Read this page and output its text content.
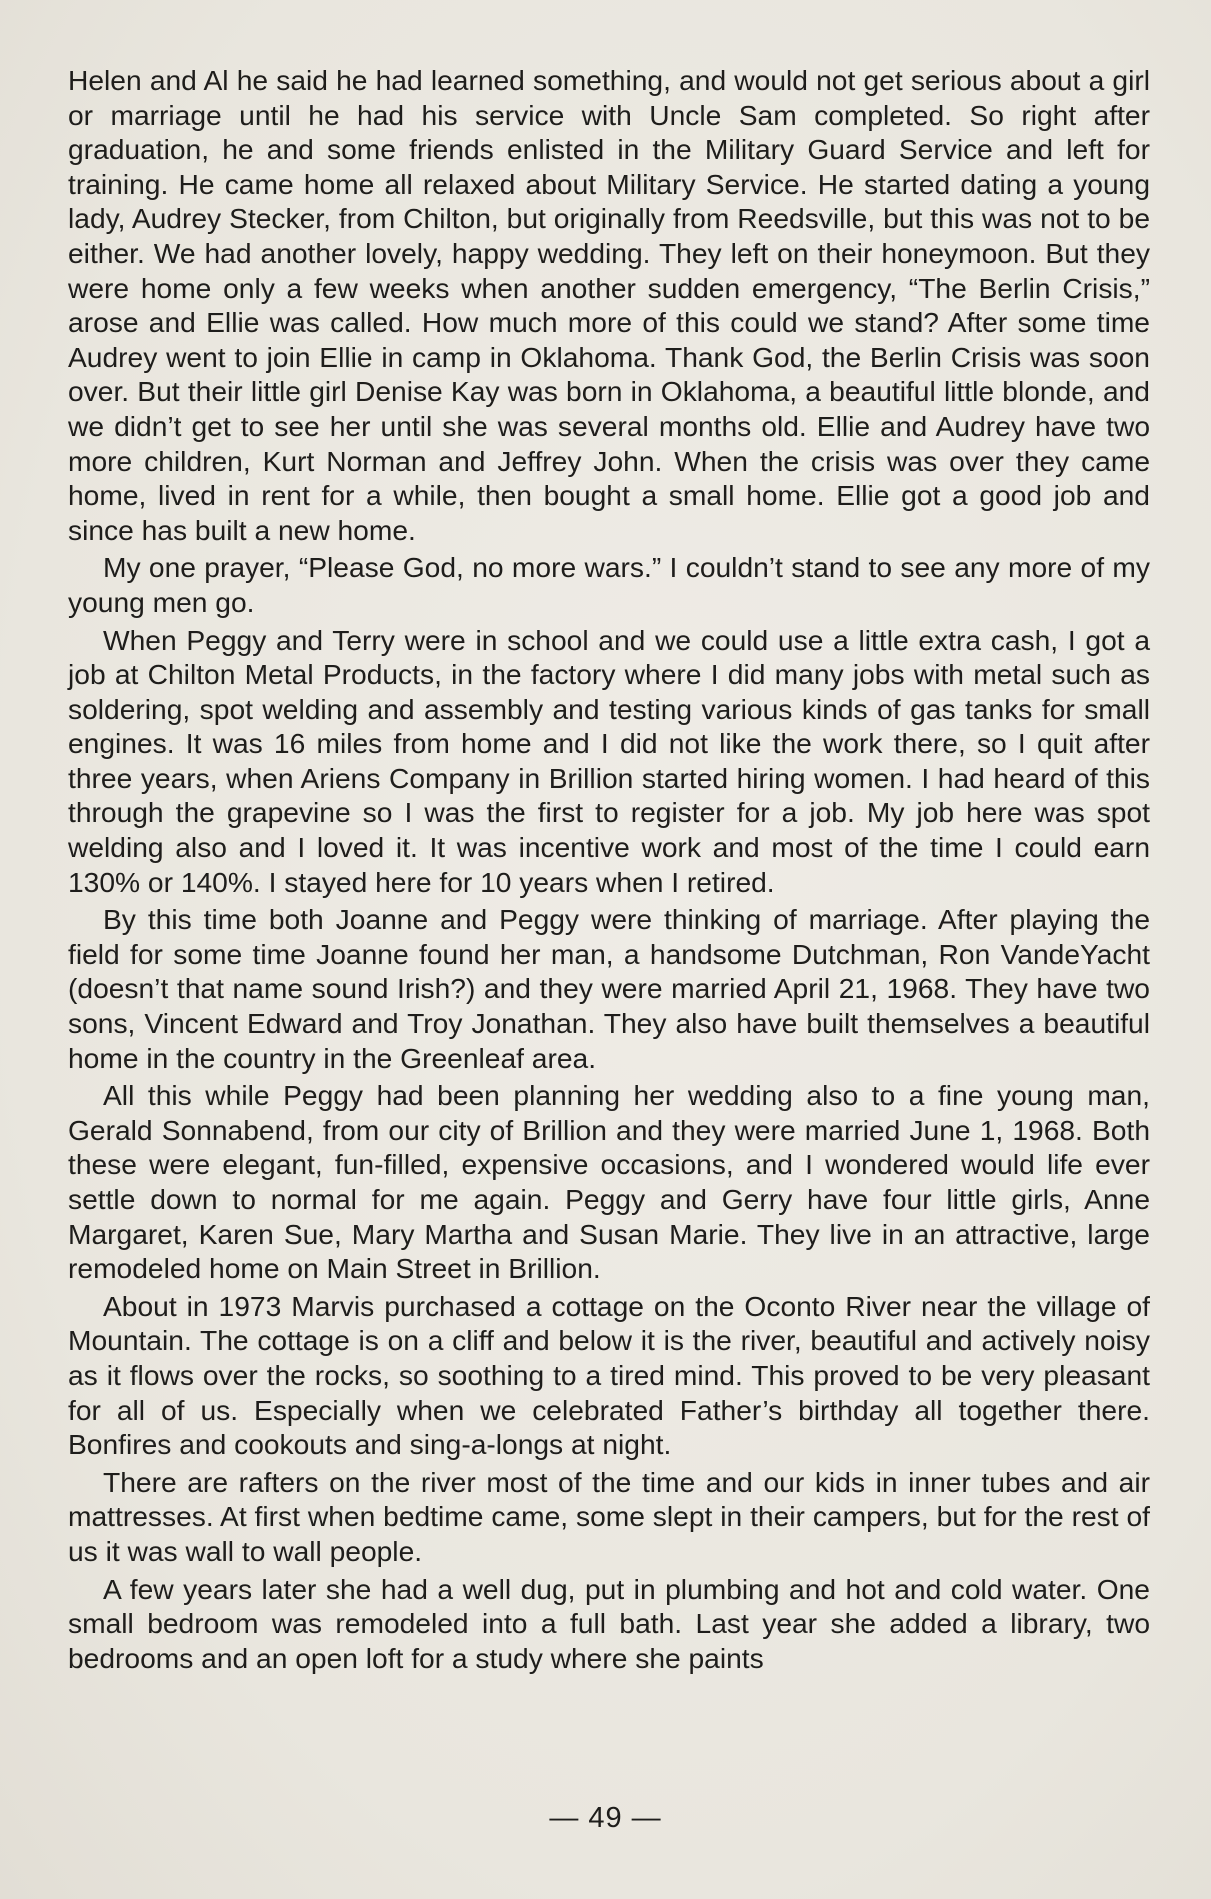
Helen and Al he said he had learned something, and would not get serious about a girl or marriage until he had his service with Uncle Sam completed. So right after graduation, he and some friends enlisted in the Military Guard Service and left for training. He came home all relaxed about Military Service. He started dating a young lady, Audrey Stecker, from Chilton, but originally from Reedsville, but this was not to be either. We had another lovely, happy wedding. They left on their honeymoon. But they were home only a few weeks when another sudden emergency, “The Berlin Crisis,” arose and Ellie was called. How much more of this could we stand? After some time Audrey went to join Ellie in camp in Oklahoma. Thank God, the Berlin Crisis was soon over. But their little girl Denise Kay was born in Oklahoma, a beautiful little blonde, and we didn’t get to see her until she was several months old. Ellie and Audrey have two more children, Kurt Norman and Jeffrey John. When the crisis was over they came home, lived in rent for a while, then bought a small home. Ellie got a good job and since has built a new home.

My one prayer, “Please God, no more wars.” I couldn’t stand to see any more of my young men go.

When Peggy and Terry were in school and we could use a little extra cash, I got a job at Chilton Metal Products, in the factory where I did many jobs with metal such as soldering, spot welding and assembly and testing various kinds of gas tanks for small engines. It was 16 miles from home and I did not like the work there, so I quit after three years, when Ariens Company in Brillion started hiring women. I had heard of this through the grapevine so I was the first to register for a job. My job here was spot welding also and I loved it. It was incentive work and most of the time I could earn 130% or 140%. I stayed here for 10 years when I retired.

By this time both Joanne and Peggy were thinking of marriage. After playing the field for some time Joanne found her man, a handsome Dutchman, Ron VandeYacht (doesn’t that name sound Irish?) and they were married April 21, 1968. They have two sons, Vincent Edward and Troy Jonathan. They also have built themselves a beautiful home in the country in the Greenleaf area.

All this while Peggy had been planning her wedding also to a fine young man, Gerald Sonnabend, from our city of Brillion and they were married June 1, 1968. Both these were elegant, fun-filled, expensive occasions, and I wondered would life ever settle down to normal for me again. Peggy and Gerry have four little girls, Anne Margaret, Karen Sue, Mary Martha and Susan Marie. They live in an attractive, large remodeled home on Main Street in Brillion.

About in 1973 Marvis purchased a cottage on the Oconto River near the village of Mountain. The cottage is on a cliff and below it is the river, beautiful and actively noisy as it flows over the rocks, so soothing to a tired mind. This proved to be very pleasant for all of us. Especially when we celebrated Father’s birthday all together there. Bonfires and cookouts and sing-a-longs at night.

There are rafters on the river most of the time and our kids in inner tubes and air mattresses. At first when bedtime came, some slept in their campers, but for the rest of us it was wall to wall people.

A few years later she had a well dug, put in plumbing and hot and cold water. One small bedroom was remodeled into a full bath. Last year she added a library, two bedrooms and an open loft for a study where she paints

— 49 —
